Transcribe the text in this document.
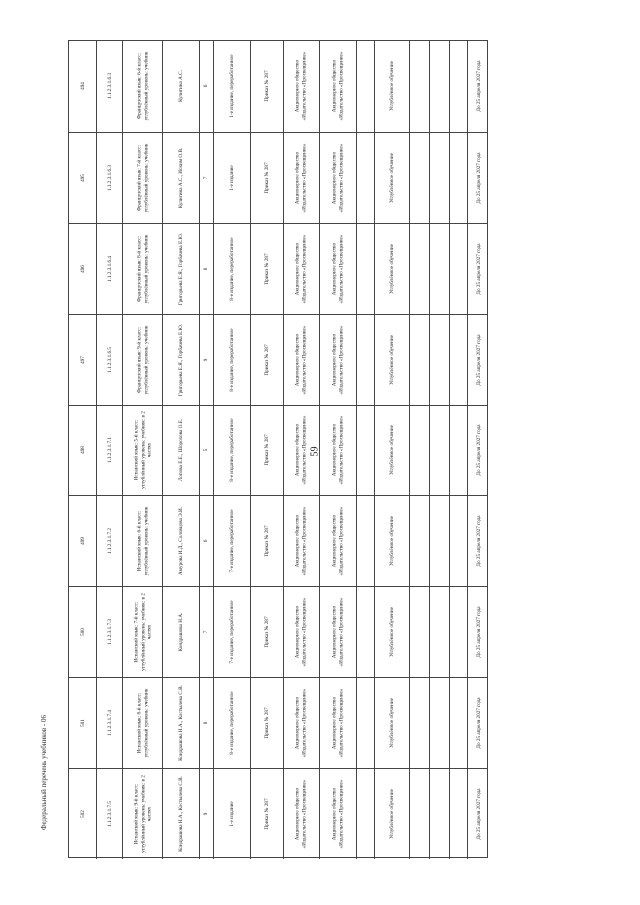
59
Федеральный перечень учебников - 06
494	1.1.2.3.1.6.3	Французский язык: 6-й класс: углублённый уровень: учебник	Кулигина А.С.	6	1-е издание, переработанное	Приказ № 287	Акционерное общество «Издательство «Просвещение»	Акционерное общество «Издательство «Просвещение»	Углублённое обучение	До 25 апреля 2027 года
495	1.1.2.3.1.6.3	Французский язык: 7-й класс: углублённый уровень: учебник	Кулигина А.С., Иохим О.В.	7	1-е издание	Приказ № 287	Акционерное общество «Издательство «Просвещение»	Акционерное общество «Издательство «Просвещение»	Углублённое обучение	До 25 апреля 2027 года
496	1.1.2.3.1.6.4	Французский язык: 8-й класс: углублённый уровень: учебник	Григорьева Е.Я., Горбачева Е.Ю.	8	8-е издание, переработанное	Приказ № 287	Акционерное общество «Издательство «Просвещение»	Акционерное общество «Издательство «Просвещение»	Углублённое обучение	До 25 апреля 2027 года
497	1.1.2.3.1.6.5	Французский язык: 9-й класс: углублённый уровень: учебник	Григорьева Е.Я., Горбачева Е.Ю.	9	8-е издание, переработанное	Приказ № 287	Акционерное общество «Издательство «Просвещение»	Акционерное общество «Издательство «Просвещение»	Углублённое обучение	До 25 апреля 2027 года
498	1.1.2.3.1.7.1	Испанский язык: 5-й класс: углублённый уровень: учебник: в 2 частях	Лопова Е.Е., Шорохова О.Е.	5	8-е издание, переработанное	Приказ № 287	Акционерное общество «Издательство «Просвещение»	Акционерное общество «Издательство «Просвещение»	Углублённое обучение	До 25 апреля 2027 года
499	1.1.2.3.1.7.2	Испанский язык: 6-й класс: углублённый уровень: учебник	Амурова И.Д., Соловцова Э.И.	6	7-е издание, переработанное	Приказ № 287	Акционерное общество «Издательство «Просвещение»	Акционерное общество «Издательство «Просвещение»	Углублённое обучение	До 25 апреля 2027 года
500	1.1.2.3.1.7.3	Испанский язык: 7-й класс: углублённый уровень: учебник: в 2 частях	Кондрашова Н.А.	7	7-е издание, переработанное	Приказ № 287	Акционерное общество «Издательство «Просвещение»	Акционерное общество «Издательство «Просвещение»	Углублённое обучение	До 25 апреля 2027 года
501	1.1.2.3.1.7.4	Испанский язык: 8-й класс: углублённый уровень: учебник	Кондрашова Н.А., Костылева С.В.	8	8-е издание, переработанное	Приказ № 287	Акционерное общество «Издательство «Просвещение»	Акционерное общество «Издательство «Просвещение»	Углублённое обучение	До 25 апреля 2027 года
502	1.1.2.3.1.7.5	Испанский язык: 9-й класс: углублённый уровень: учебник: в 2 частях	Кондрашова Н.А., Костылева С.В.	9	1-е издание	Приказ № 287	Акционерное общество «Издательство «Просвещение»	Акционерное общество «Издательство «Просвещение»	Углублённое обучение	До 25 апреля 2027 года
